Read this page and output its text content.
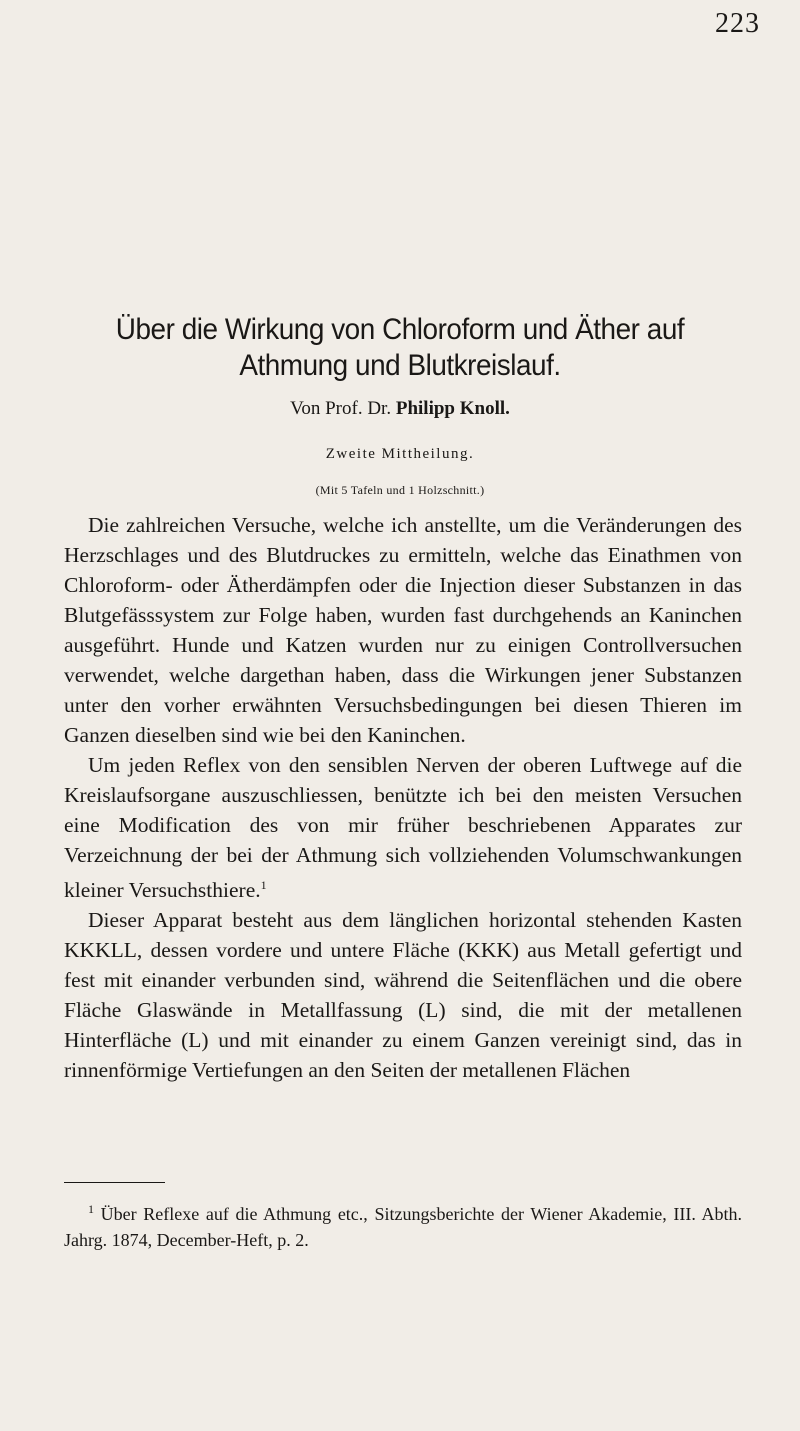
223
Über die Wirkung von Chloroform und Äther auf Athmung und Blutkreislauf.
Von Prof. Dr. Philipp Knoll.
Zweite Mittheilung.
(Mit 5 Tafeln und 1 Holzschnitt.)

Die zahlreichen Versuche, welche ich anstellte, um die Veränderungen des Herzschlages und des Blutdruckes zu ermitteln, welche das Einathmen von Chloroform- oder Ätherdämpfen oder die Injection dieser Substanzen in das Blutgefässsystem zur Folge haben, wurden fast durchgehends an Kaninchen ausgeführt. Hunde und Katzen wurden nur zu einigen Controllversuchen verwendet, welche dargethan haben, dass die Wirkungen jener Substanzen unter den vorher erwähnten Versuchsbedingungen bei diesen Thieren im Ganzen dieselben sind wie bei den Kaninchen.

Um jeden Reflex von den sensiblen Nerven der oberen Luftwege auf die Kreislaufsorgane auszuschliessen, benützte ich bei den meisten Versuchen eine Modification des von mir früher beschriebenen Apparates zur Verzeichnung der bei der Athmung sich vollziehenden Volumschwankungen kleiner Versuchsthiere.$^1$

Dieser Apparat besteht aus dem länglichen horizontal stehenden Kasten KKKLL, dessen vordere und untere Fläche (KKK) aus Metall gefertigt und fest mit einander verbunden sind, während die Seitenflächen und die obere Fläche Glaswände in Metallfassung (L) sind, die mit der metallenen Hinterfläche (L) und mit einander zu einem Ganzen vereinigt sind, das in rinnenförmige Vertiefungen an den Seiten der metallenen Flächen

$^1$ Über Reflexe auf die Athmung etc., Sitzungsberichte der Wiener Akademie, III. Abth. Jahrg. 1874, December-Heft, p. 2.
